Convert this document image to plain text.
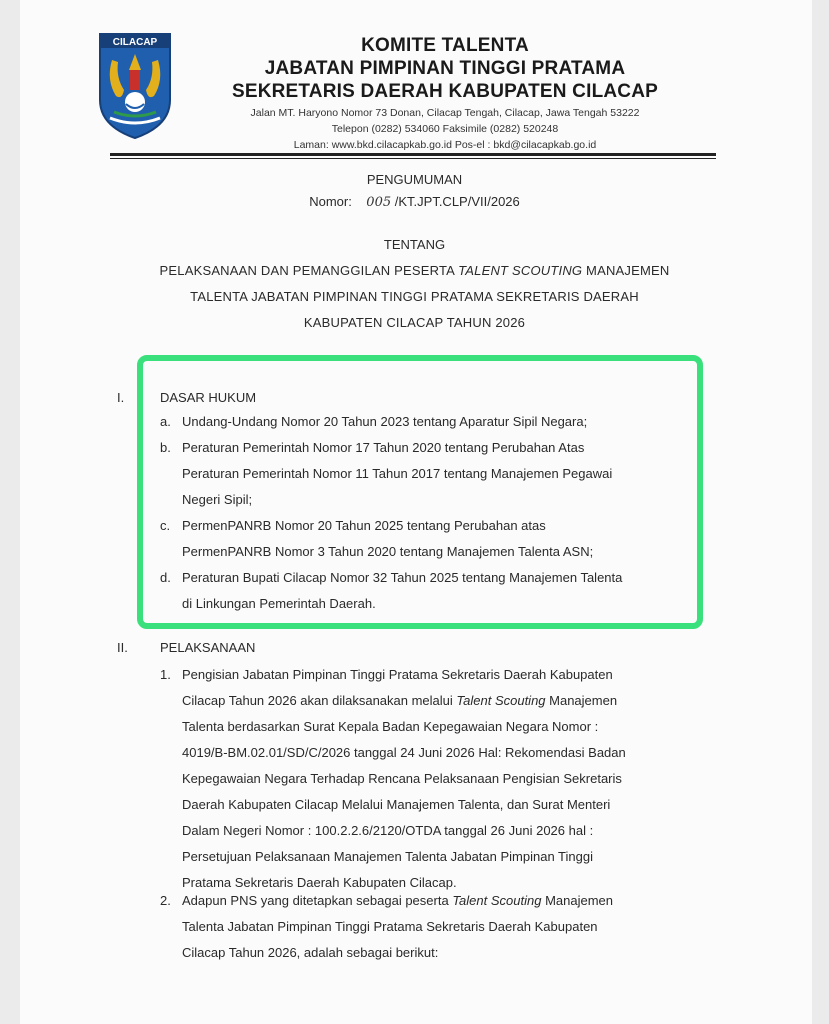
CILACAP	KOMITE TALENTA
JABATAN PIMPINAN TINGGI PRATAMA
SEKRETARIS DAERAH KABUPATEN CILACAP
Jalan MT. Haryono Nomor 73 Donan, Cilacap Tengah, Cilacap, Jawa Tengah 53222
Telepon (0282) 534060 Faksimile (0282) 520248
Laman: www.bkd.cilacapkab.go.id Pos-el : bkd@cilacapkab.go.id
PENGUMUMAN
Nomor: 005 /KT.JPT.CLP/VII/2026
TENTANG
PELAKSANAAN DAN PEMANGGILAN PESERTA TALENT SCOUTING MANAJEMEN
TALENTA JABATAN PIMPINAN TINGGI PRATAMA SEKRETARIS DAERAH
KABUPATEN CILACAP TAHUN 2026
I.	DASAR HUKUM
a. Undang-Undang Nomor 20 Tahun 2023 tentang Aparatur Sipil Negara;
b. Peraturan Pemerintah Nomor 17 Tahun 2020 tentang Perubahan Atas
Peraturan Pemerintah Nomor 11 Tahun 2017 tentang Manajemen Pegawai
Negeri Sipil;
c. PermenPANRB Nomor 20 Tahun 2025 tentang Perubahan atas
PermenPANRB Nomor 3 Tahun 2020 tentang Manajemen Talenta ASN;
d. Peraturan Bupati Cilacap Nomor 32 Tahun 2025 tentang Manajemen Talenta
di Linkungan Pemerintah Daerah.
II. PELAKSANAAN
1. Pengisian Jabatan Pimpinan Tinggi Pratama Sekretaris Daerah Kabupaten
Cilacap Tahun 2026 akan dilaksanakan melalui Talent Scouting Manajemen
Talenta berdasarkan Surat Kepala Badan Kepegawaian Negara Nomor :
4019/B-BM.02.01/SD/C/2026 tanggal 24 Juni 2026 Hal: Rekomendasi Badan
Kepegawaian Negara Terhadap Rencana Pelaksanaan Pengisian Sekretaris
Daerah Kabupaten Cilacap Melalui Manajemen Talenta, dan Surat Menteri
Dalam Negeri Nomor : 100.2.2.6/2120/OTDA tanggal 26 Juni 2026 hal :
Persetujuan Pelaksanaan Manajemen Talenta Jabatan Pimpinan Tinggi
Pratama Sekretaris Daerah Kabupaten Cilacap.
2. Adapun PNS yang ditetapkan sebagai peserta Talent Scouting Manajemen
Talenta Jabatan Pimpinan Tinggi Pratama Sekretaris Daerah Kabupaten
Cilacap Tahun 2026, adalah sebagai berikut:
